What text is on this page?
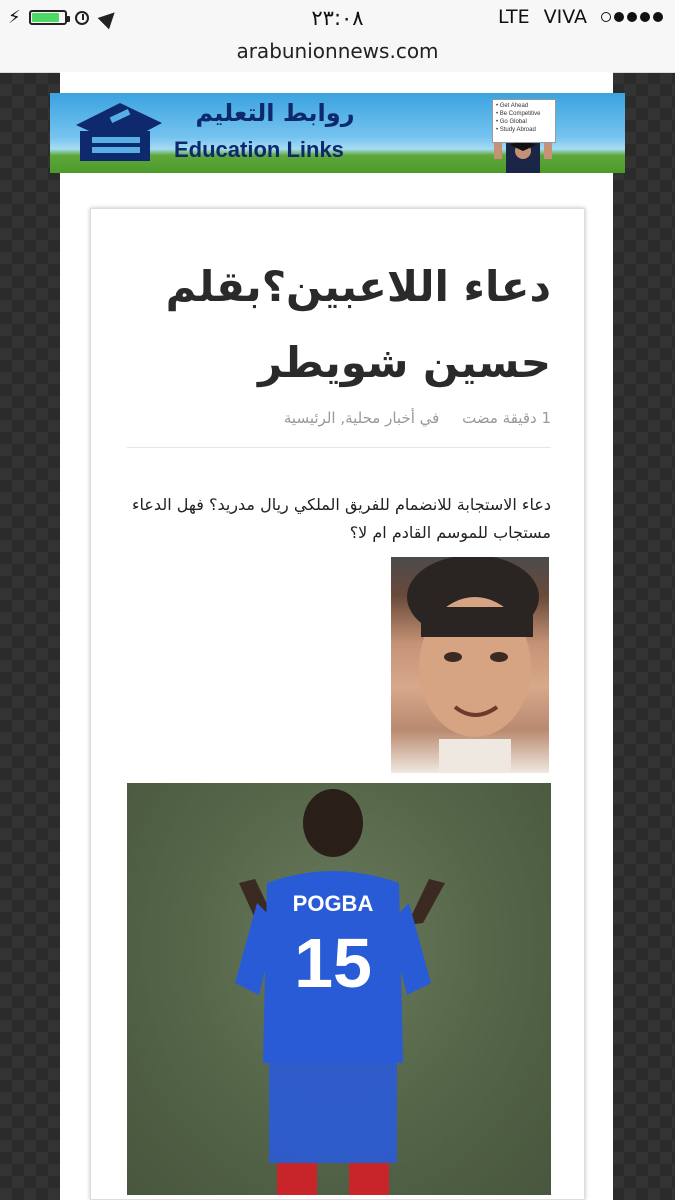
⚡	٢٣:٠٨	LTE VIVA
arabunionnews.com
روابط التعليم
Education Links
• Get Ahead
• Be Competitive
• Go Global
• Study Abroad
دعاء اللاعبين؟بقلم حسين شويطر
1 دقيقة مضت في أخبار محلية, الرئيسية
دعاء الاستجابة للانضمام للفريق الملكي ريال مدريد؟ فهل الدعاء مستجاب للموسم القادم ام لا؟
POGBA
15
